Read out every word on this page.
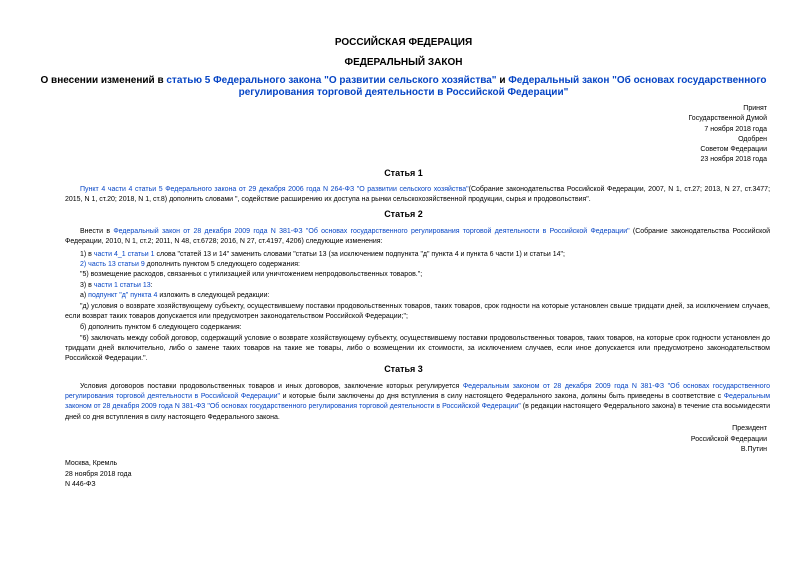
РОССИЙСКАЯ ФЕДЕРАЦИЯ
ФЕДЕРАЛЬНЫЙ ЗАКОН
О внесении изменений в статью 5 Федерального закона "О развитии сельского хозяйства" и Федеральный закон "Об основах государственного регулирования торговой деятельности в Российской Федерации"
Принят
Государственной Думой
7 ноября 2018 года
Одобрен
Советом Федерации
23 ноября 2018 года
Статья 1
Пункт 4 части 4 статьи 5 Федерального закона от 29 декабря 2006 года N 264-ФЗ "О развитии сельского хозяйства"(Собрание законодательства Российской Федерации, 2007, N 1, ст.27; 2013, N 27, ст.3477; 2015, N 1, ст.20; 2018, N 1, ст.8) дополнить словами ", содействие расширению их доступа на рынки сельскохозяйственной продукции, сырья и продовольствия".
Статья 2
Внести в Федеральный закон от 28 декабря 2009 года N 381-ФЗ "Об основах государственного регулирования торговой деятельности в Российской Федерации" (Собрание законодательства Российской Федерации, 2010, N 1, ст.2; 2011, N 48, ст.6728; 2016, N 27, ст.4197, 4206) следующие изменения:
1) в части 4_1 статьи 1 слова "статей 13 и 14" заменить словами "статьи 13 (за исключением подпункта "д" пункта 4 и пункта 6 части 1) и статьи 14";
2) часть 13 статьи 9 дополнить пунктом 5 следующего содержания:
"5) возмещение расходов, связанных с утилизацией или уничтожением непродовольственных товаров.";
3) в части 1 статьи 13:
а) подпункт "д" пункта 4 изложить в следующей редакции:
"д) условия о возврате хозяйствующему субъекту, осуществившему поставки продовольственных товаров, таких товаров, срок годности на которые установлен свыше тридцати дней, за исключением случаев, если возврат таких товаров допускается или предусмотрен законодательством Российской Федерации;";
б) дополнить пунктом 6 следующего содержания:
"6) заключать между собой договор, содержащий условие о возврате хозяйствующему субъекту, осуществившему поставки продовольственных товаров, таких товаров, на которые срок годности установлен до тридцати дней включительно, либо о замене таких товаров на такие же товары, либо о возмещении их стоимости, за исключением случаев, если иное допускается или предусмотрено законодательством Российской Федерации.".
Статья 3
Условия договоров поставки продовольственных товаров и иных договоров, заключение которых регулируется Федеральным законом от 28 декабря 2009 года N 381-ФЗ "Об основах государственного регулирования торговой деятельности в Российской Федерации" и которые были заключены до дня вступления в силу настоящего Федерального закона, должны быть приведены в соответствие с Федеральным законом от 28 декабря 2009 года N 381-ФЗ "Об основах государственного регулирования торговой деятельности в Российской Федерации" (в редакции настоящего Федерального закона) в течение ста восьмидесяти дней со дня вступления в силу настоящего Федерального закона.
Президент
Российской Федерации
В.Путин
Москва, Кремль
28 ноября 2018 года
N 446-ФЗ
